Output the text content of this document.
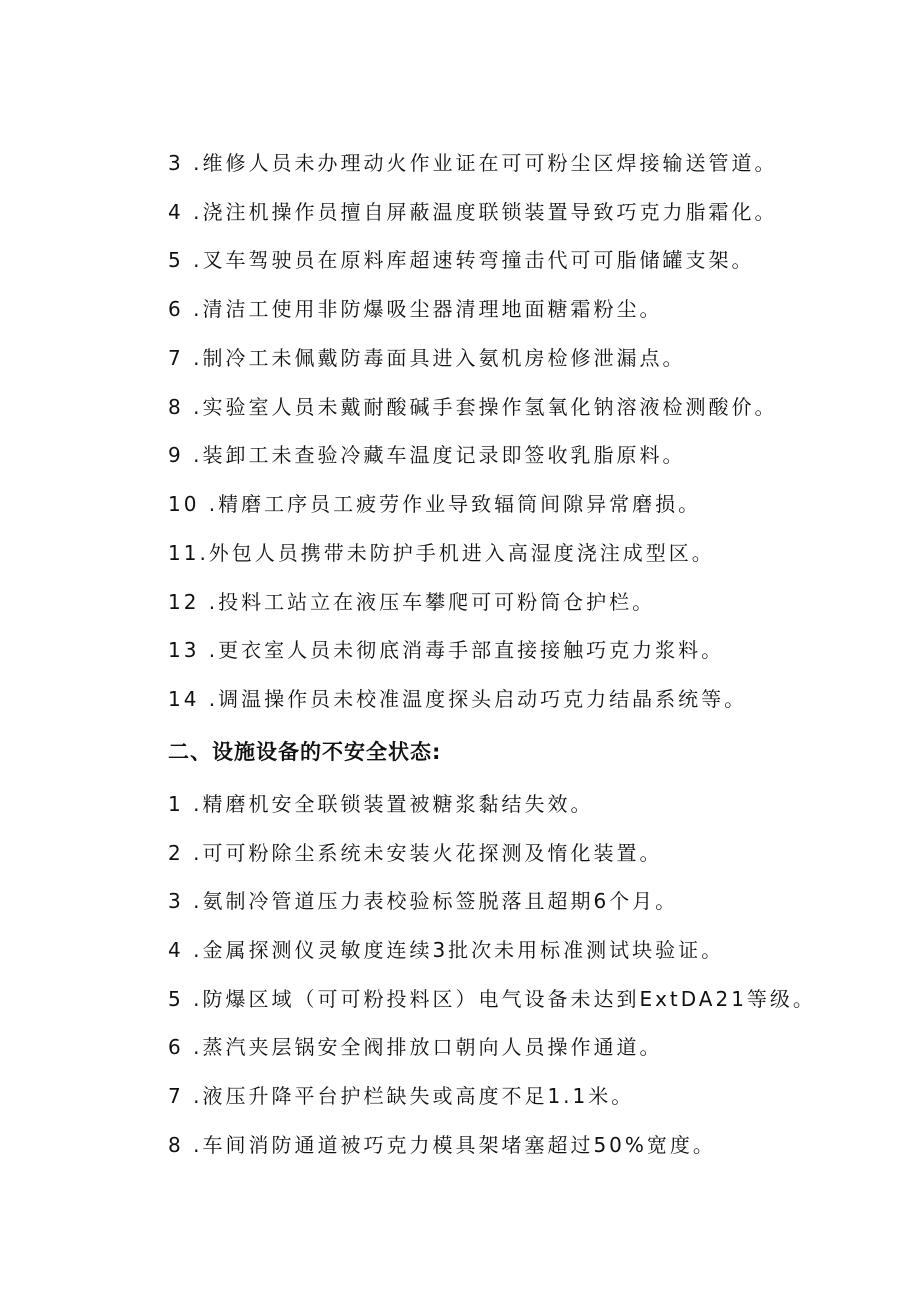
3 .维修人员未办理动火作业证在可可粉尘区焊接输送管道。
4 .浇注机操作员擅自屏蔽温度联锁装置导致巧克力脂霜化。
5 .叉车驾驶员在原料库超速转弯撞击代可可脂储罐支架。
6 .清洁工使用非防爆吸尘器清理地面糖霜粉尘。
7 .制冷工未佩戴防毒面具进入氨机房检修泄漏点。
8 .实验室人员未戴耐酸碱手套操作氢氧化钠溶液检测酸价。
9 .装卸工未查验冷藏车温度记录即签收乳脂原料。
10 .精磨工序员工疲劳作业导致辐筒间隙异常磨损。
11.外包人员携带未防护手机进入高湿度浇注成型区。
12 .投料工站立在液压车攀爬可可粉筒仓护栏。
13 .更衣室人员未彻底消毒手部直接接触巧克力浆料。
14 .调温操作员未校准温度探头启动巧克力结晶系统等。
二、设施设备的不安全状态:
1 .精磨机安全联锁装置被糖浆黏结失效。
2 .可可粉除尘系统未安装火花探测及惰化装置。
3 .氨制冷管道压力表校验标签脱落且超期6个月。
4 .金属探测仪灵敏度连续3批次未用标准测试块验证。
5 .防爆区域（可可粉投料区）电气设备未达到ExtDA21等级。
6 .蒸汽夹层锅安全阀排放口朝向人员操作通道。
7 .液压升降平台护栏缺失或高度不足1.1米。
8 .车间消防通道被巧克力模具架堵塞超过50%宽度。
